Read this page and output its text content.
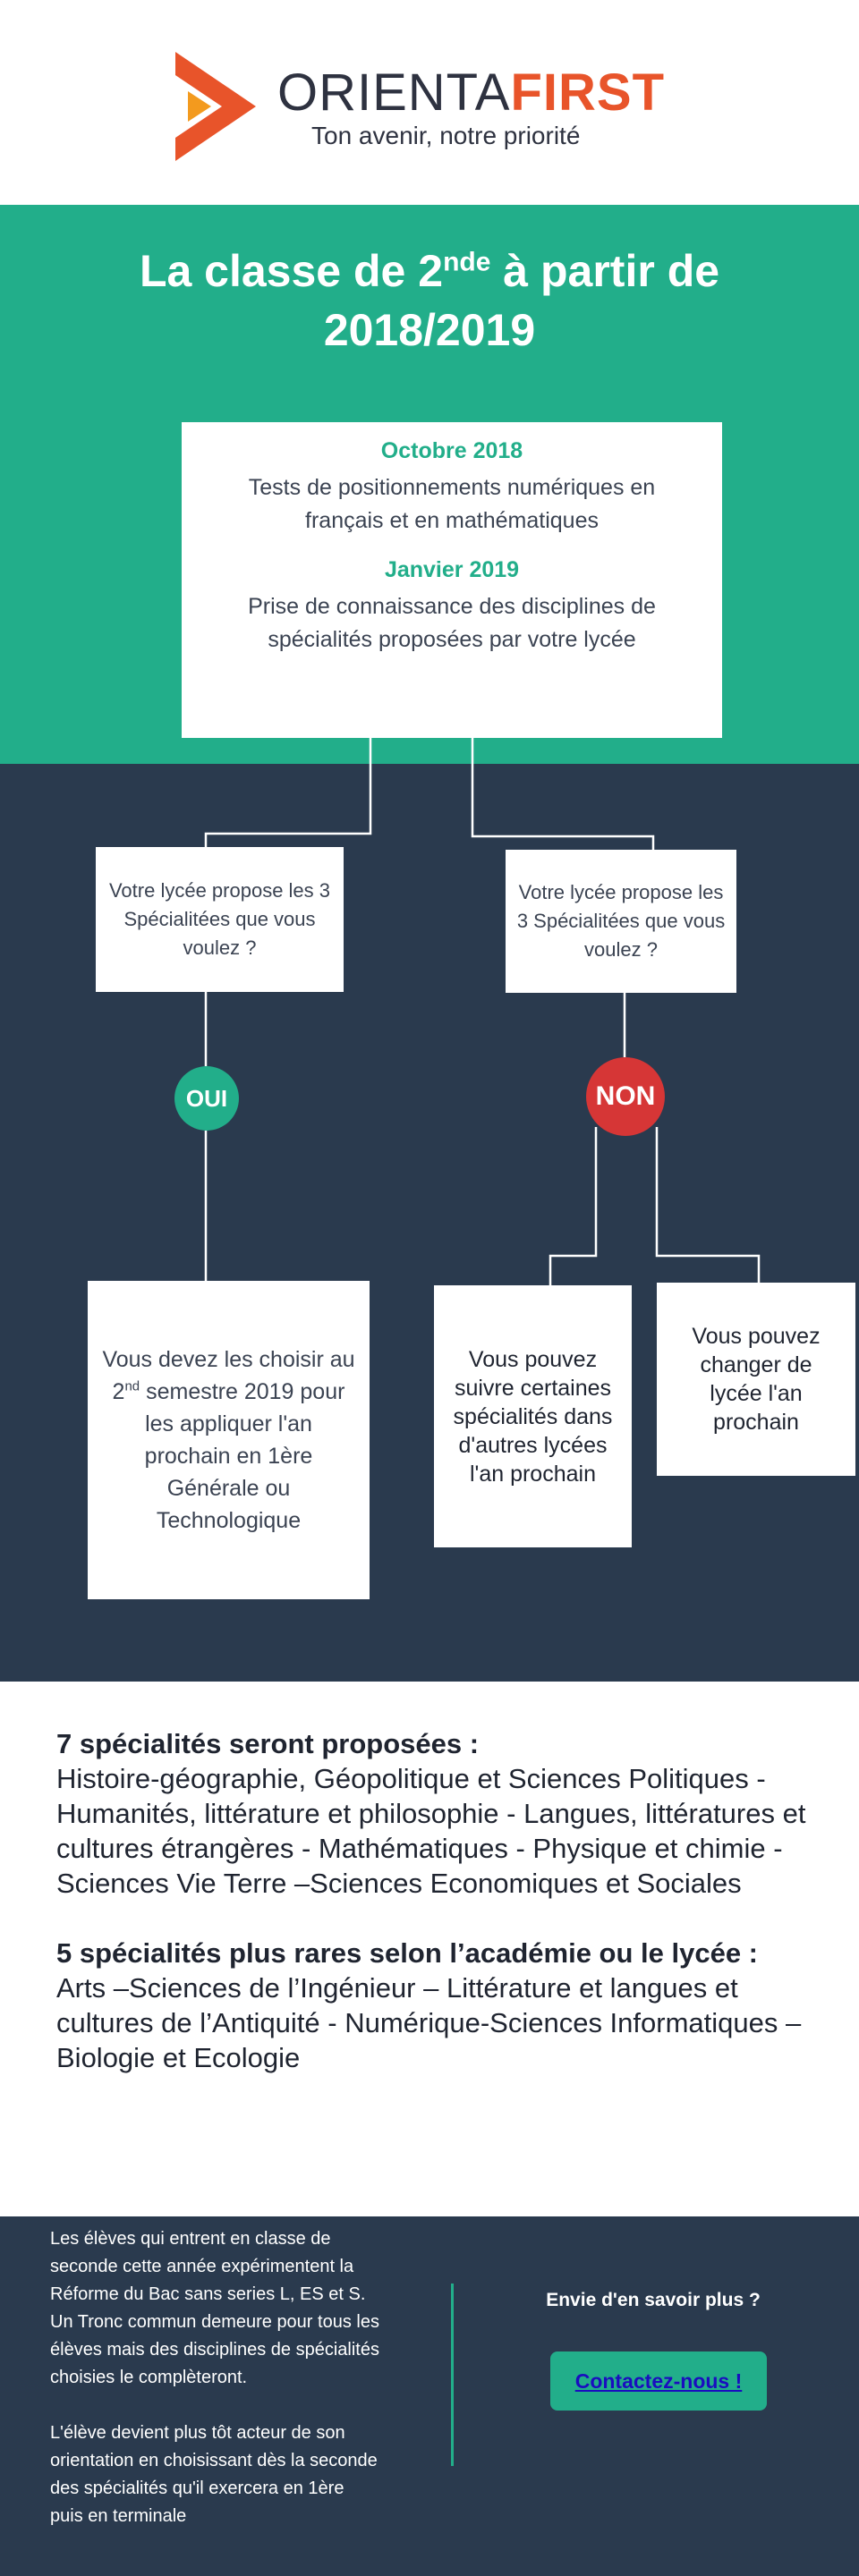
ORIENTAFIRST
Ton avenir, notre priorité
La classe de 2nde à partir de 2018/2019
Octobre 2018
Tests de positionnements numériques en français et en mathématiques
Janvier 2019
Prise de connaissance des disciplines de spécialités proposées par votre lycée
Votre lycée propose les 3 Spécialitées que vous voulez ?
Votre lycée propose les 3 Spécialitées que vous voulez ?
OUI	NON
Vous devez les choisir au 2nd semestre 2019 pour les appliquer l'an prochain en 1ère Générale ou Technologique
Vous pouvez suivre certaines spécialités dans d'autres lycées l'an prochain
Vous pouvez changer de lycée l'an prochain
7 spécialités seront proposées :

Histoire-géographie, Géopolitique et Sciences Politiques - Humanités, littérature et philosophie - Langues, littératures et cultures étrangères - Mathématiques - Physique et chimie - Sciences Vie Terre –Sciences Economiques et Sociales

5 spécialités plus rares selon l’académie ou le lycée :

Arts –Sciences de l’Ingénieur – Littérature et langues et cultures de l’Antiquité - Numérique-Sciences Informatiques – Biologie et Ecologie

Les élèves qui entrent en classe de seconde cette année expérimentent la Réforme du Bac sans series L, ES et S. Un Tronc commun demeure pour tous les élèves mais des disciplines de spécialités choisies le complèteront.

L'élève devient plus tôt acteur de son orientation en choisissant dès la seconde des spécialités qu'il exercera en 1ère puis en terminale

Envie d'en savoir plus ?
Contactez-nous !
